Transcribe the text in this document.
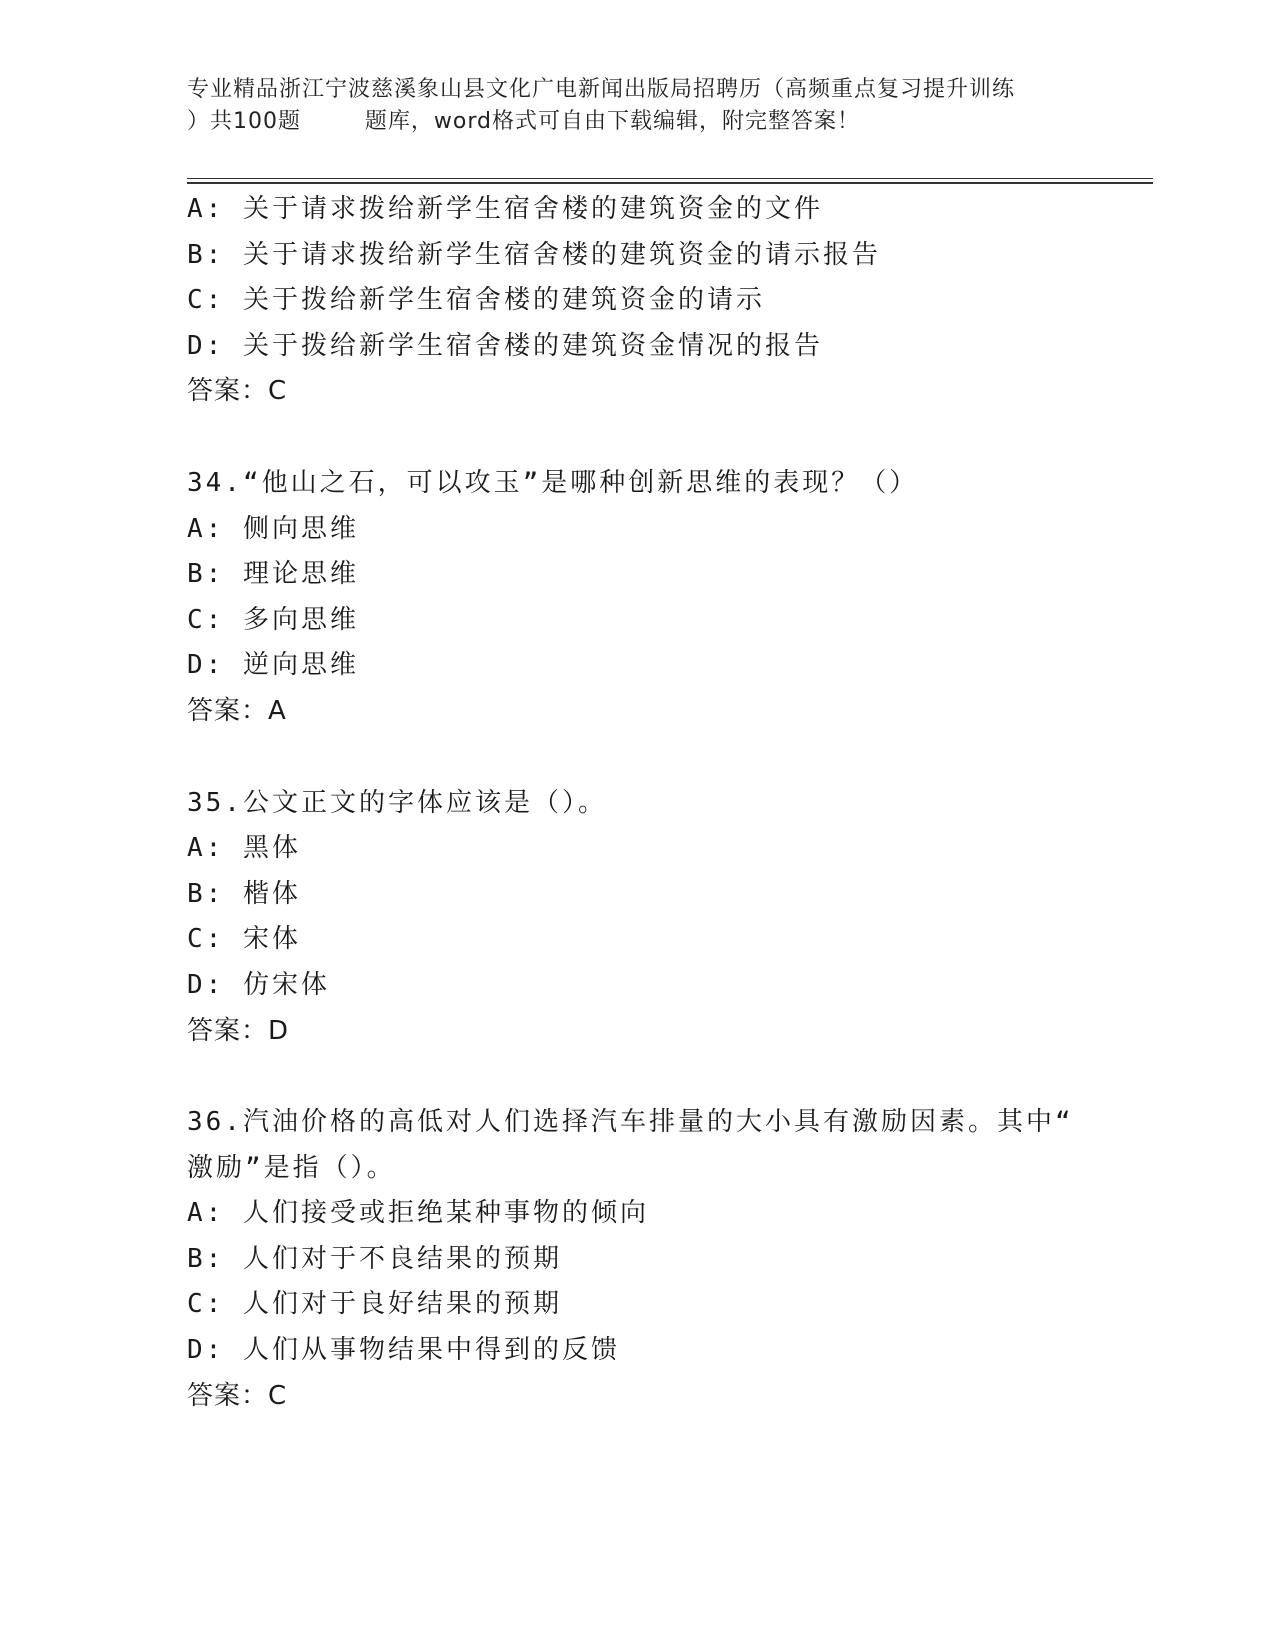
专业精品浙江宁波慈溪象山县文化广电新闻出版局招聘历（高频重点复习提升训练
）共100题        题库，word格式可自由下载编辑，附完整答案！
A: 关于请求拨给新学生宿舍楼的建筑资金的文件
B: 关于请求拨给新学生宿舍楼的建筑资金的请示报告
C: 关于拨给新学生宿舍楼的建筑资金的请示
D: 关于拨给新学生宿舍楼的建筑资金情况的报告
答案：C
34.“他山之石，可以攻玉”是哪种创新思维的表现？（）
A: 侧向思维
B: 理论思维
C: 多向思维
D: 逆向思维
答案：A
35.公文正文的字体应该是（）。
A: 黑体
B: 楷体
C: 宋体
D: 仿宋体
答案：D
36.汽油价格的高低对人们选择汽车排量的大小具有激励因素。其中“
激励”是指（）。
A: 人们接受或拒绝某种事物的倾向
B: 人们对于不良结果的预期
C: 人们对于良好结果的预期
D: 人们从事物结果中得到的反馈
答案：C
